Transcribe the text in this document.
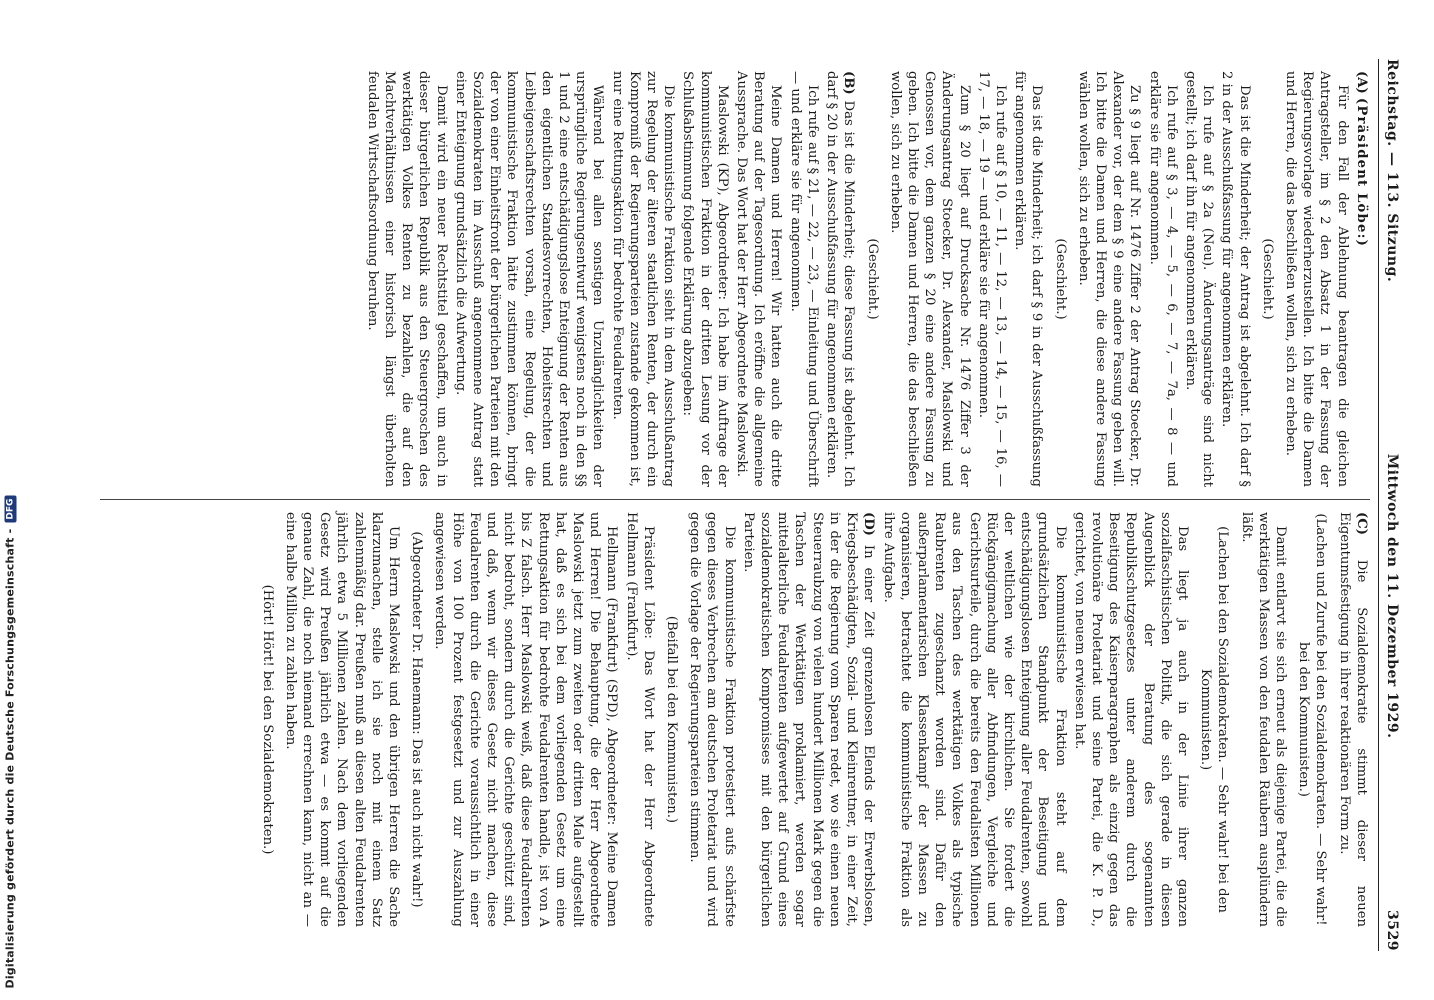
Digitalisierung gefördert durch die Deutsche Forschungsgemeinschaft -
DFG
Reichstag. — 113. Sitzung.
Mittwoch den 11. Dezember 1929.
3529

(A) (Präsident Löbe:)

Für den Fall der Ablehnung beantragen die gleichen Antragsteller, im § 2 den Absatz 1 in der Fassung der Regierungsvorlage wiederherzustellen. Ich bitte die Damen und Herren, die das beschließen wollen, sich zu erheben.

(Geschieht.)

Das ist die Minderheit; der Antrag ist abgelehnt. Ich darf § 2 in der Ausschußfassung für angenommen erklären.

Ich rufe auf § 2a (Neu). Änderungsanträge sind nicht gestellt; ich darf ihn für angenommen erklären.

Ich rufe auf § 3, — 4, — 5, — 6, — 7, — 7a, — 8 — und erkläre sie für angenommen.

Zu § 9 liegt auf Nr. 1476 Ziffer 2 der Antrag Stoecker, Dr. Alexander vor, der dem § 9 eine andere Fassung geben will. Ich bitte die Damen und Herren, die diese andere Fassung wählen wollen, sich zu erheben.

(Geschieht.)

Das ist die Minderheit; ich darf § 9 in der Ausschußfassung für angenommen erklären.

Ich rufe auf § 10, — 11, — 12, — 13, — 14, — 15, — 16, — 17, — 18, — 19 — und erkläre sie für angenommen.

Zum § 20 liegt auf Drucksache Nr. 1476 Ziffer 3 der Änderungsantrag Stoecker, Dr. Alexander, Maslowski und Genossen vor, dem ganzen § 20 eine andere Fassung zu geben. Ich bitte die Damen und Herren, die das beschließen wollen, sich zu erheben.

(Geschieht.)

(B) Das ist die Minderheit; diese Fassung ist abgelehnt. Ich darf § 20 in der Ausschußfassung für angenommen erklären.

Ich rufe auf § 21, — 22, — 23, — Einleitung und Überschrift — und erkläre sie für angenommen.

Meine Damen und Herren! Wir hatten auch die dritte Beratung auf der Tagesordnung. Ich eröffne die allgemeine Aussprache. Das Wort hat der Herr Abgeordnete Maslowski.

Maslowski (KP), Abgeordneter: Ich habe im Auftrage der kommunistischen Fraktion in der dritten Lesung vor der Schlußabstimmung folgende Erklärung abzugeben:

Die kommunistische Fraktion sieht in dem Ausschußantrag zur Regelung der älteren staatlichen Renten, der durch ein Kompromiß der Regierungsparteien zustande gekommen ist, nur eine Rettungsaktion für bedrohte Feudalrenten.

Während bei allen sonstigen Unzulänglichkeiten der ursprüngliche Regierungsentwurf wenigstens noch in den §§ 1 und 2 eine entschädigungslose Enteignung der Renten aus den eigentlichen Standesvorrechten, Hoheitsrechten und Leibeigenschaftsrechten vorsah, eine Regelung, der die kommunistische Fraktion hätte zustimmen können, bringt der von einer Einheitsfront der bürgerlichen Parteien mit den Sozialdemokraten im Ausschuß angenommene Antrag statt einer Enteignung grundsätzlich die Aufwertung.

Damit wird ein neuer Rechtstitel geschaffen, um auch in dieser bürgerlichen Republik aus den Steuergroschen des werktätigen Volkes Renten zu bezahlen, die auf den Machtverhältnissen einer historisch längst überholten feudalen Wirtschaftsordnung beruhen.

(C) Die Sozialdemokratie stimmt dieser neuen Eigentumsfestigung in ihrer reaktionären Form zu.

(Lachen und Zurufe bei den Sozialdemokraten. — Sehr wahr! bei den Kommunisten.)

Damit entlarvt sie sich erneut als diejenige Partei, die die werktätigen Massen von den feudalen Räubern ausplündern läßt.

(Lachen bei den Sozialdemokraten. — Sehr wahr! bei den Kommunisten.)

Das liegt ja auch in der Linie ihrer ganzen sozialfaschistischen Politik, die sich gerade in diesen Augenblick der Beratung des sogenannten Republikschutzgesetzes unter anderem durch die Beseitigung des Kaiserparagraphen als einzig gegen das revolutionäre Proletariat und seine Partei, die K. P. D., gerichtet, von neuem erwiesen hat.

Die kommunistische Fraktion steht auf dem grundsätzlichen Standpunkt der Beseitigung und entschädigungslosen Enteignung aller Feudalrenten, sowohl der weltlichen wie der kirchlichen. Sie fordert die Rückgängigmachung aller Abfindungen, Vergleiche und Gerichtsurteile, durch die bereits den Feudalisten Millionen aus den Taschen des werktätigen Volkes als typische Raubrenten zugeschanzt worden sind. Dafür den außerparlamentarischen Klassenkampf der Massen zu organisieren, betrachtet die kommunistische Fraktion als ihre Aufgabe.

(D) In einer Zeit grenzenlosen Elends der Erwerbslosen, Kriegsbeschädigten, Sozial- und Kleinrentner, in einer Zeit, in der die Regierung vom Sparen redet, wo sie einen neuen Steuerraubzug von vielen hundert Millionen Mark gegen die Taschen der Werktätigen proklamiert, werden sogar mittelalterliche Feudalrenten aufgewertet auf Grund eines sozialdemokratischen Kompromisses mit den bürgerlichen Parteien.

Die kommunistische Fraktion protestiert aufs schärfste gegen dieses Verbrechen am deutschen Proletariat und wird gegen die Vorlage der Regierungsparteien stimmen.

(Beifall bei den Kommunisten.)

Präsident Löbe: Das Wort hat der Herr Abgeordnete Hellmann (Frankfurt).

Hellmann (Frankfurt) (SPD), Abgeordneter: Meine Damen und Herren! Die Behauptung, die der Herr Abgeordnete Maslowski jetzt zum zweiten oder dritten Male aufgestellt hat, daß es sich bei dem vorliegenden Gesetz um eine Rettungsaktion für bedrohte Feudalrenten handle, ist von A bis Z falsch. Herr Maslowski weiß, daß diese Feudalrenten nicht bedroht, sondern durch die Gerichte geschützt sind, und daß, wenn wir dieses Gesetz nicht machen, diese Feudalrenten durch die Gerichte voraussichtlich in einer Höhe von 100 Prozent festgesetzt und zur Auszahlung angewiesen werden.

(Abgeordneter Dr. Hanemann: Das ist auch nicht wahr!)

Um Herrn Maslowski und den übrigen Herren die Sache klarzumachen, stelle ich sie noch mit einem Satz zahlenmäßig dar. Preußen muß an diesen alten Feudalrenten jährlich etwa 5 Millionen zahlen. Nach dem vorliegenden Gesetz wird Preußen jährlich etwa — es kommt auf die genaue Zahl, die noch niemand errechnen kann, nicht an — eine halbe Million zu zahlen haben.

(Hört! Hört! bei den Sozialdemokraten.)
